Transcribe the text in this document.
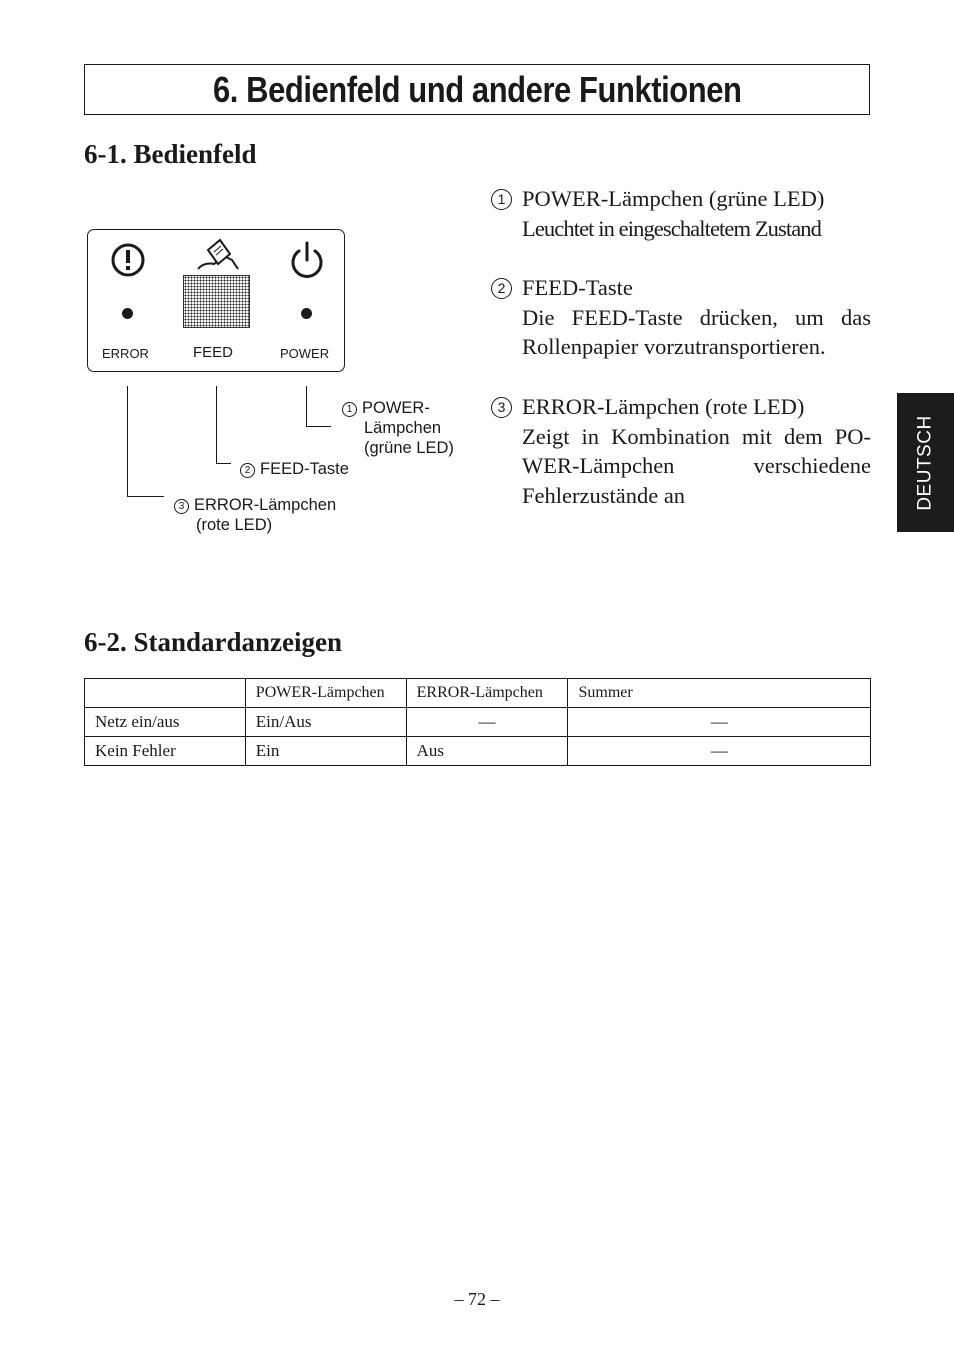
6. Bedienfeld und andere Funktionen
6-1. Bedienfeld
ERROR	FEED	POWER
1 POWER-
Lämpchen
(grüne LED)
2 FEED-Taste
3 ERROR-Lämpchen
(rote LED)
1 POWER-Lämpchen (grüne LED)
Leuchtet in eingeschaltetem Zustand
2 FEED-Taste
Die FEED-Taste drücken, um das
Rollenpapier vorzutransportieren.
3 ERROR-Lämpchen (rote LED)
Zeigt in Kombination mit dem PO-
WER-Lämpchen verschiedene
Fehlerzustände an	DEUTSCH
6-2. Standardanzeigen
	POWER-Lämpchen	ERROR-Lämpchen	Summer
Netz ein/aus	Ein/Aus	—	—
Kein Fehler	Ein	Aus	—
– 72 –
